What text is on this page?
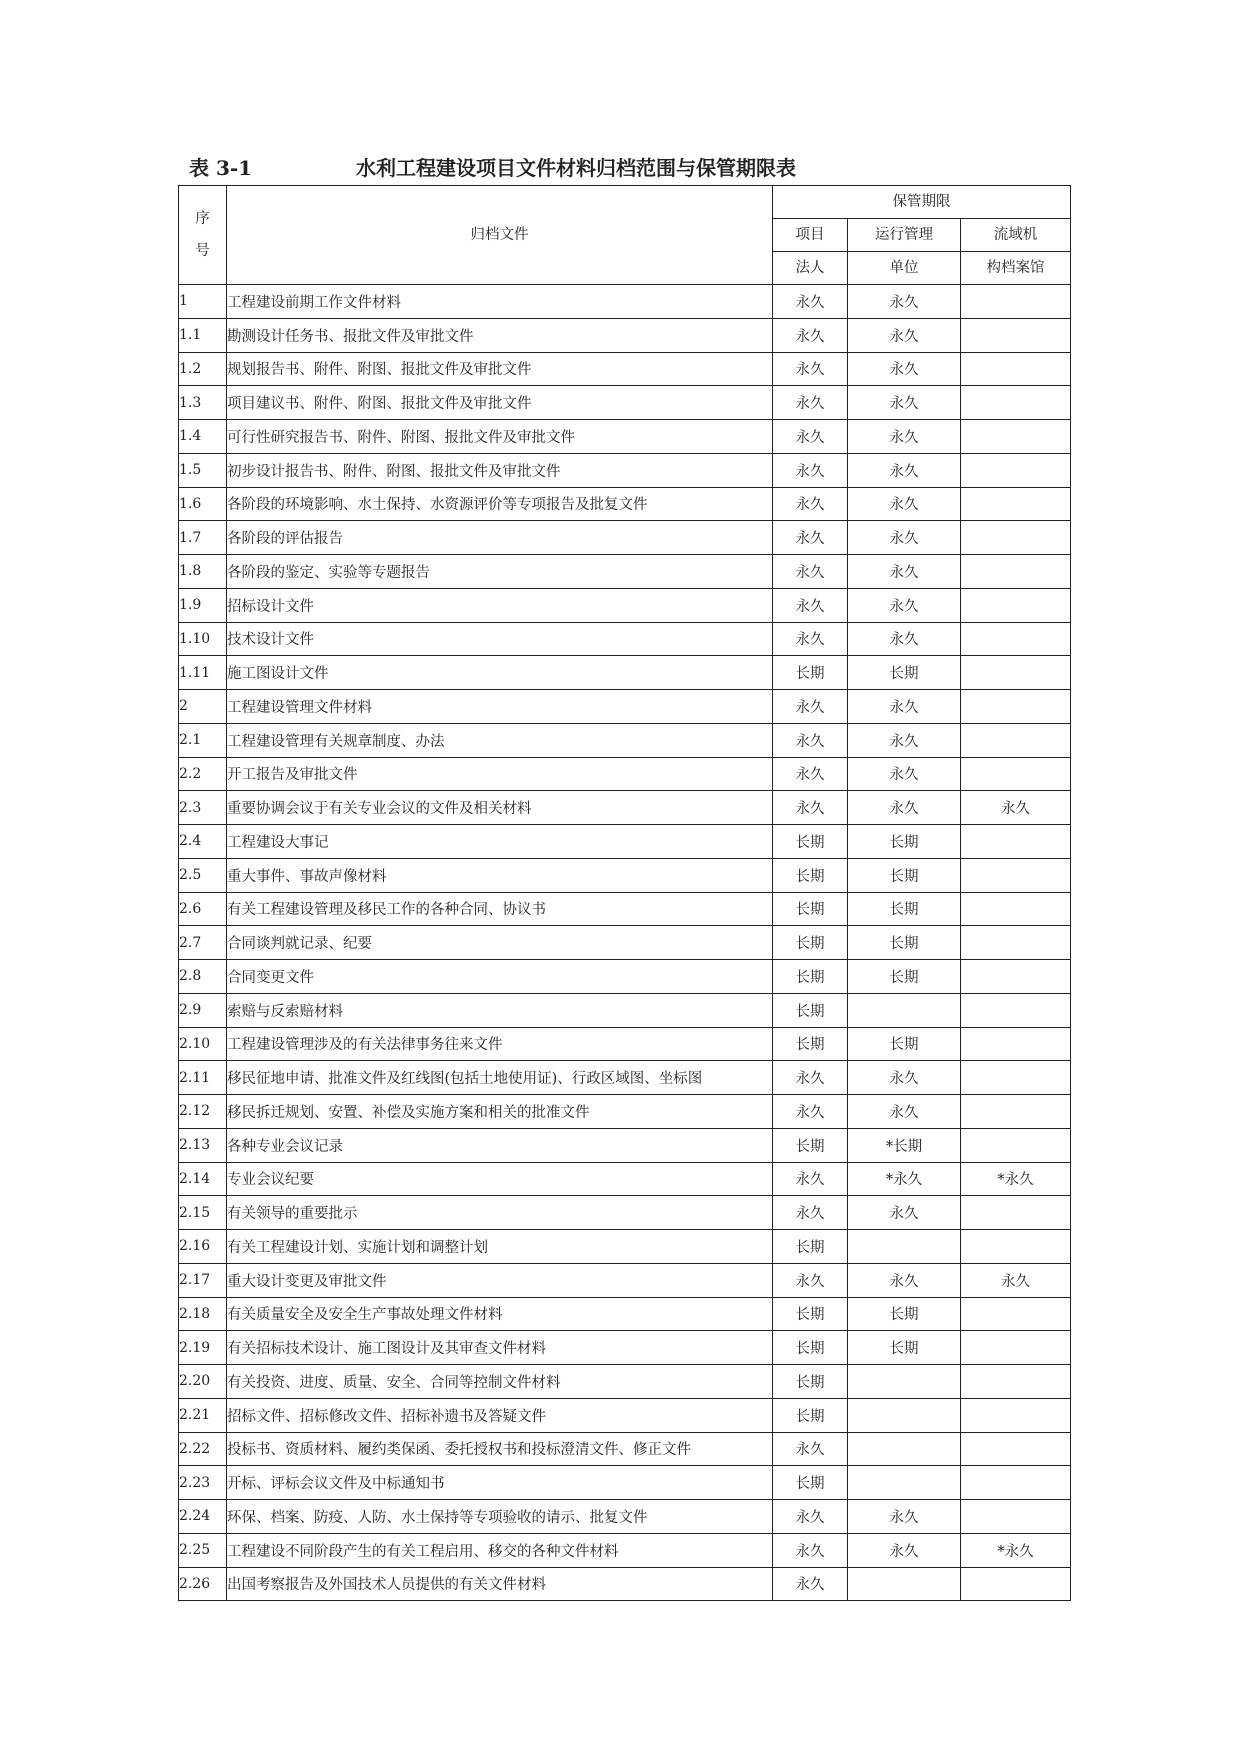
表 3-1	水利工程建设项目文件材料归档范围与保管期限表
序
号	归档文件	保管期限		
		项目	运行管理	流域机
		法人	单位	构档案馆
1	工程建设前期工作文件材料	永久	永久	
1.1	勘测设计任务书、报批文件及审批文件	永久	永久	
1.2	规划报告书、附件、附图、报批文件及审批文件	永久	永久	
1.3	项目建议书、附件、附图、报批文件及审批文件	永久	永久	
1.4	可行性研究报告书、附件、附图、报批文件及审批文件	永久	永久	
1.5	初步设计报告书、附件、附图、报批文件及审批文件	永久	永久	
1.6	各阶段的环境影响、水土保持、水资源评价等专项报告及批复文件	永久	永久	
1.7	各阶段的评估报告	永久	永久	
1.8	各阶段的鉴定、实验等专题报告	永久	永久	
1.9	招标设计文件	永久	永久	
1.10	技术设计文件	永久	永久	
1.11	施工图设计文件	长期	长期	
2	工程建设管理文件材料	永久	永久	
2.1	工程建设管理有关规章制度、办法	永久	永久	
2.2	开工报告及审批文件	永久	永久	
2.3	重要协调会议于有关专业会议的文件及相关材料	永久	永久	永久
2.4	工程建设大事记	长期	长期	
2.5	重大事件、事故声像材料	长期	长期	
2.6	有关工程建设管理及移民工作的各种合同、协议书	长期	长期	
2.7	合同谈判就记录、纪要	长期	长期	
2.8	合同变更文件	长期	长期	
2.9	索赔与反索赔材料	长期		
2.10	工程建设管理涉及的有关法律事务往来文件	长期	长期	
2.11	移民征地申请、批准文件及红线图(包括土地使用证)、行政区域图、坐标图	永久	永久	
2.12	移民拆迁规划、安置、补偿及实施方案和相关的批准文件	永久	永久	
2.13	各种专业会议记录	长期	*长期	
2.14	专业会议纪要	永久	*永久	*永久
2.15	有关领导的重要批示	永久	永久	
2.16	有关工程建设计划、实施计划和调整计划	长期		
2.17	重大设计变更及审批文件	永久	永久	永久
2.18	有关质量安全及安全生产事故处理文件材料	长期	长期	
2.19	有关招标技术设计、施工图设计及其审查文件材料	长期	长期	
2.20	有关投资、进度、质量、安全、合同等控制文件材料	长期		
2.21	招标文件、招标修改文件、招标补遗书及答疑文件	长期		
2.22	投标书、资质材料、履约类保函、委托授权书和投标澄清文件、修正文件	永久		
2.23	开标、评标会议文件及中标通知书	长期		
2.24	环保、档案、防疫、人防、水土保持等专项验收的请示、批复文件	永久	永久	
2.25	工程建设不同阶段产生的有关工程启用、移交的各种文件材料	永久	永久	*永久
2.26	出国考察报告及外国技术人员提供的有关文件材料	永久		
